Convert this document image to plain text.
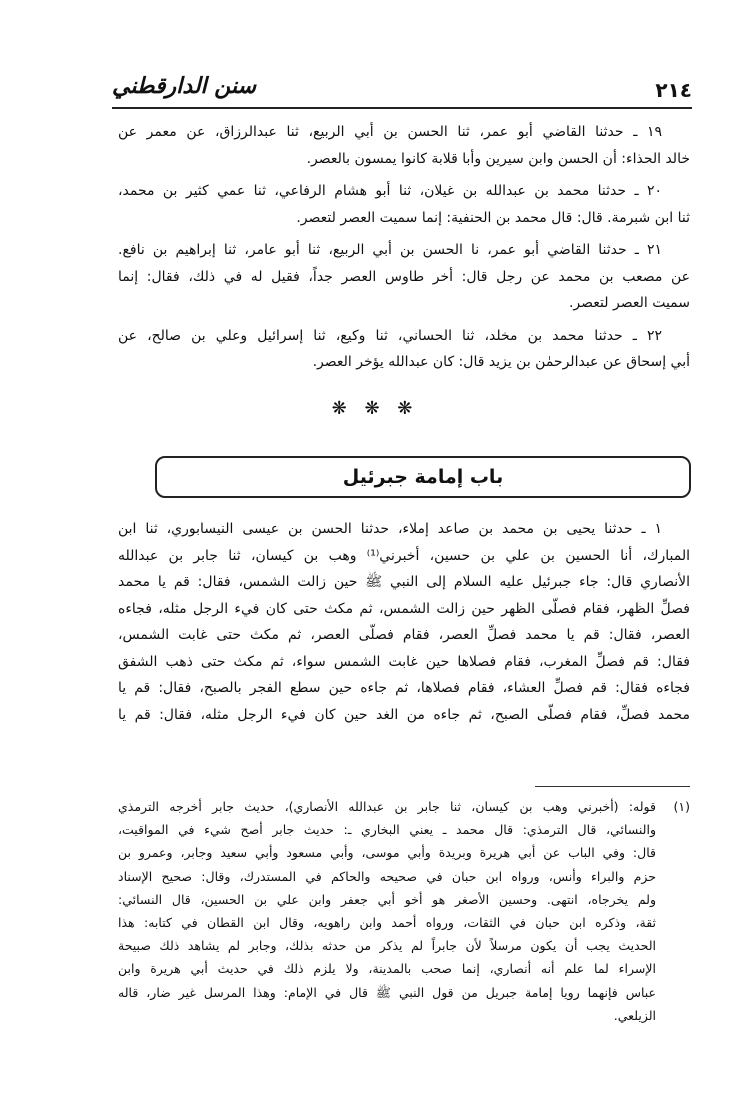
٢١٤
سنن الدارقطني
١٩ ـ حدثنا القاضي أبو عمر، ثنا الحسن بن أبي الربيع، ثنا عبدالرزاق، عن معمر عن
خالد الحذاء: أن الحسن وابن سيرين وأبا قلابة كانوا يمسون بالعصر.
٢٠ ـ حدثنا محمد بن عبدالله بن غيلان، ثنا أبو هشام الرفاعي، ثنا عمي كثير بن محمد،
ثنا ابن شبرمة. قال: قال محمد بن الحنفية: إنما سميت العصر لتعصر.
٢١ ـ حدثنا القاضي أبو عمر، نا الحسن بن أبي الربيع، ثنا أبو عامر، ثنا إبراهيم بن نافع.
عن مصعب بن محمد عن رجل قال: أخر طاوس العصر جداً، فقيل له في ذلك، فقال: إنما
سميت العصر لتعصر.
٢٢ ـ حدثنا محمد بن مخلد، ثنا الحساني، ثنا وكيع، ثنا إسرائيل وعلي بن صالح، عن
أبي إسحاق عن عبدالرحمٰن بن يزيد قال: كان عبدالله يؤخر العصر.
❋ ❋ ❋
باب إمامة جبرئيل
١ ـ حدثنا يحيى بن محمد بن صاعد إملاء، حدثنا الحسن بن عيسى النيسابوري، ثنا ابن
المبارك، أنا الحسين بن علي بن حسين، أخبرني⁽¹⁾ وهب بن كيسان، ثنا جابر بن عبدالله
الأنصاري قال: جاء جبرئيل عليه السلام إلى النبي ﷺ حين زالت الشمس، فقال: قم يا محمد
فصلِّ الظهر، فقام فصلّى الظهر حين زالت الشمس، ثم مكث حتى كان فيء الرجل مثله، فجاءه
العصر، فقال: قم يا محمد فصلِّ العصر، فقام فصلّى العصر، ثم مكث حتى غابت الشمس،
فقال: قم فصلِّ المغرب، فقام فصلاها حين غابت الشمس سواء، ثم مكث حتى ذهب الشفق
فجاءه فقال: قم فصلِّ العشاء، فقام فصلاها، ثم جاءه حين سطع الفجر بالصبح، فقال: قم يا
محمد فصلِّ، فقام فصلّى الصبح، ثم جاءه من الغد حين كان فيء الرجل مثله، فقال: قم يا
(١)
قوله: (أخبرني وهب بن كيسان، ثنا جابر بن عبدالله الأنصاري)، حديث جابر أخرجه الترمذي
والنسائي، قال الترمذي: قال محمد ـ يعني البخاري ـ: حديث جابر أصح شيء في المواقيت،
قال: وفي الباب عن أبي هريرة وبريدة وأبي موسى، وأبي مسعود وأبي سعيد وجابر، وعمرو بن
حزم والبراء وأنس، ورواه ابن حبان في صحيحه والحاكم في المستدرك، وقال: صحيح الإسناد
ولم يخرجاه، انتهى. وحسين الأصغر هو أخو أبي جعفر وابن علي بن الحسين، قال النسائي:
ثقة، وذكره ابن حبان في الثقات، ورواه أحمد وابن راهويه، وقال ابن القطان في كتابه: هذا
الحديث يجب أن يكون مرسلاً لأن جابراً لم يذكر من حدثه بذلك، وجابر لم يشاهد ذلك صبيحة
الإسراء لما علم أنه أنصاري، إنما صحب بالمدينة، ولا يلزم ذلك في حديث أبي هريرة وابن
عباس فإنهما رويا إمامة جبريل من قول النبي ﷺ قال في الإمام: وهذا المرسل غير ضار، قاله
الزيلعي.
